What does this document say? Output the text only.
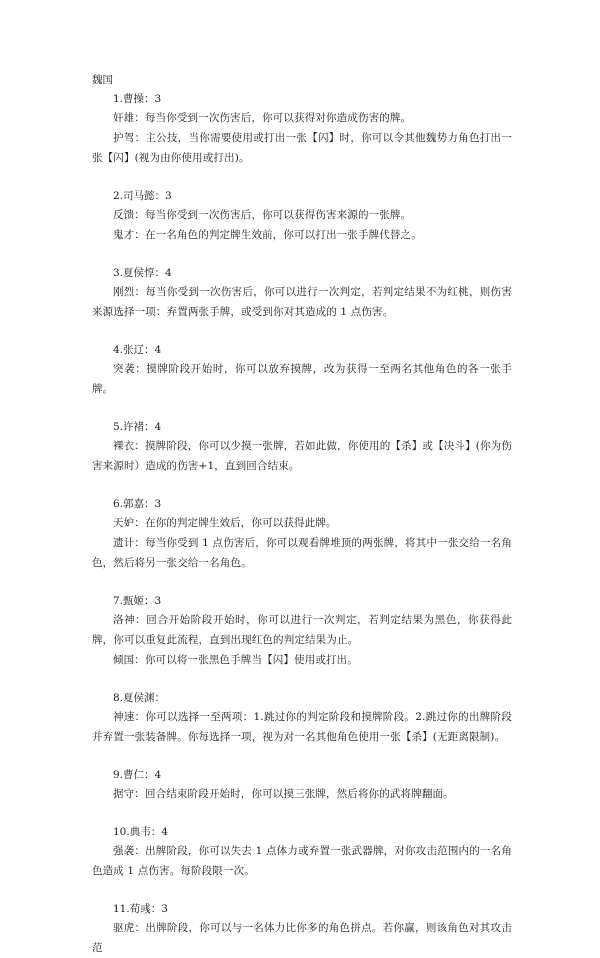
魏国

1.曹操：3

奸雄：每当你受到一次伤害后，你可以获得对你造成伤害的牌。

护驾：主公技，当你需要使用或打出一张【闪】时，你可以令其他魏势力角色打出一张【闪】(视为由你使用或打出)。

2.司马懿：3

反馈：每当你受到一次伤害后，你可以获得伤害来源的一张牌。

鬼才：在一名角色的判定牌生效前，你可以打出一张手牌代替之。

3.夏侯惇：4

刚烈：每当你受到一次伤害后，你可以进行一次判定，若判定结果不为红桃，则伤害来源选择一项：弃置两张手牌，或受到你对其造成的 1 点伤害。

4.张辽：4

突袭：摸牌阶段开始时，你可以放弃摸牌，改为获得一至两名其他角色的各一张手牌。

5.许褚：4

裸衣：摸牌阶段，你可以少摸一张牌，若如此做，你使用的【杀】或【决斗】(你为伤害来源时）造成的伤害+1，直到回合结束。

6.郭嘉：3

天妒：在你的判定牌生效后，你可以获得此牌。

遗计：每当你受到 1 点伤害后，你可以观看牌堆顶的两张牌，将其中一张交给一名角色，然后将另一张交给一名角色。

7.甄姬：3

洛神：回合开始阶段开始时，你可以进行一次判定，若判定结果为黑色，你获得此牌，你可以重复此流程，直到出现红色的判定结果为止。

倾国：你可以将一张黑色手牌当【闪】使用或打出。

8.夏侯渊：

神速：你可以选择一至两项：1.跳过你的判定阶段和摸牌阶段。2.跳过你的出牌阶段并弃置一张装备牌。你每选择一项，视为对一名其他角色使用一张【杀】(无距离限制)。

9.曹仁：4

据守：回合结束阶段开始时，你可以摸三张牌，然后将你的武将牌翻面。

10.典韦：4

强袭：出牌阶段，你可以失去 1 点体力或弃置一张武器牌，对你攻击范围内的一名角色造成 1 点伤害。每阶段限一次。

11.荀彧：3

驱虎：出牌阶段，你可以与一名体力比你多的角色拼点。若你赢，则该角色对其攻击范
